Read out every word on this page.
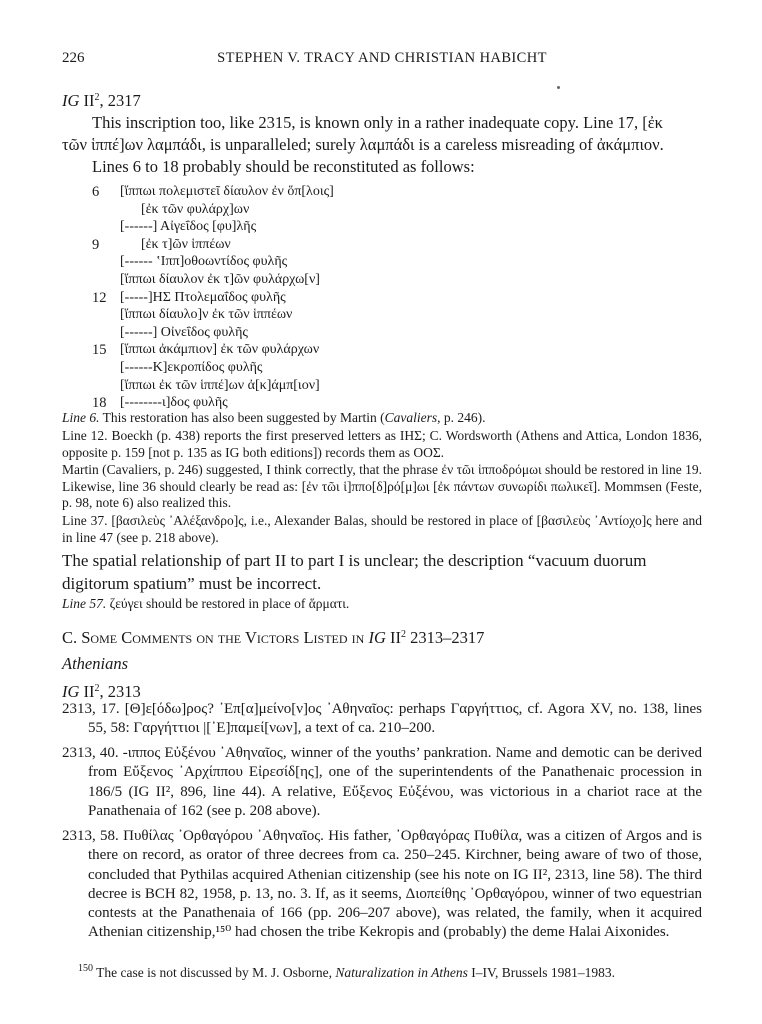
226	STEPHEN V. TRACY AND CHRISTIAN HABICHT
IG $II^2$, 2317
This inscription too, like 2315, is known only in a rather inadequate copy. Line 17, [ἐκ
τῶν ἱππέ]ων λαμπάδι, is unparalleled; surely λαμπάδι is a careless misreading of ἀκάμπιον.
Lines 6 to 18 probably should be reconstituted as follows:
6	[ἵππωι πολεμιστεῖ δίαυλον ἐν ὅπ[λοις]
[ἐκ τῶν φυλάρχ]ων
[------] Αἰγεΐδος [φυ]λῆς
9	[ἐκ τ]ῶν ἱππέων
[------ ʽΙππ]οθοωντίδος φυλῆς
[ἵππωι δίαυλον ἐκ τ]ῶν φυλάρχω[ν]
12 [-----]ΗΣ Πτολεμαΐδος φυλῆς
[ἵππωι δίαυλο]ν ἐκ τῶν ἱππέων
[------] Οἰνεΐδος φυλῆς
15 [ἵππωι ἀκάμπιον] ἐκ τῶν φυλάρχων
[------K]εκροπίδος φυλῆς
[ἵππωι ἐκ τῶν ἱππέ]ων ἀ[κ]άμπ[ιον]
18 [--------ι]δος φυλῆς
Line 6. This restoration has also been suggested by Martin (Cavaliers, p. 246).
Line 12. Boeckh (p. 438) reports the first preserved letters as ΙΗΣ; C. Wordsworth (Athens and Attica, London 1836, opposite p. 159 [not p. 135 as IG both editions]) records them as ΟΟΣ.
Martin (Cavaliers, p. 246) suggested, I think correctly, that the phrase ἐν τῶι ἱπποδρόμωι should be restored in line 19. Likewise, line 36 should clearly be read as: [ἐν τῶι ἱ]ππο[δ]ρό[μ]ωι [ἐκ πάντων συνωρίδι πωλικεῖ]. Mommsen (Feste, p. 98, note 6) also realized this.
Line 37. [βασιλεὺς ᾿Αλέξανδρο]ς, i.e., Alexander Balas, should be restored in place of [βασιλεὺς ᾿Αντίοχο]ς here and in line 47 (see p. 218 above).
The spatial relationship of part II to part I is unclear; the description “vacuum duorum digitorum spatium” must be incorrect.
Line 57. ζεύγει should be restored in place of ἅρματι.
C. Some Comments on the Victors Listed in IG $II^2$ 2313–2317
Athenians
IG $II^2$, 2313
2313, 17. [Θ]ε[όδω]ρος? ᾿Επ[α]μείνο[ν]ος ᾿Αθηναῖος: perhaps Γαργήττιος, cf. Agora XV, no. 138, lines 55, 58: Γαργήττιοι |[᾿Ε]παμεί[νων], a text of ca. 210–200.
2313, 40. -ιππος Εὐξένου ᾿Αθηναῖος, winner of the youths’ pankration. Name and demotic can be derived from Εὔξενος ᾿Αρχίππου Εἰρεσίδ[ης], one of the superintendents of the Panathenaic procession in 186/5 (IG II², 896, line 44). A relative, Εὔξενος Εὐξένου, was victorious in a chariot race at the Panathenaia of 162 (see p. 208 above).
2313, 58. Πυθίλας ᾿Ορθαγόρου ᾿Αθηναῖος. His father, ᾿Ορθαγόρας Πυθίλα, was a citizen of Argos and is there on record, as orator of three decrees from ca. 250–245. Kirchner, being aware of two of those, concluded that Pythilas acquired Athenian citizenship (see his note on IG II², 2313, line 58). The third decree is BCH 82, 1958, p. 13, no. 3. If, as it seems, Διοπείθης ᾿Ορθαγόρου, winner of two equestrian contests at the Panathenaia of 166 (pp. 206–207 above), was related, the family, when it acquired Athenian citizenship,¹⁵⁰ had chosen the tribe Kekropis and (probably) the deme Halai Aixonides.
$^{150}$ The case is not discussed by M. J. Osborne, Naturalization in Athens I–IV, Brussels 1981–1983.
